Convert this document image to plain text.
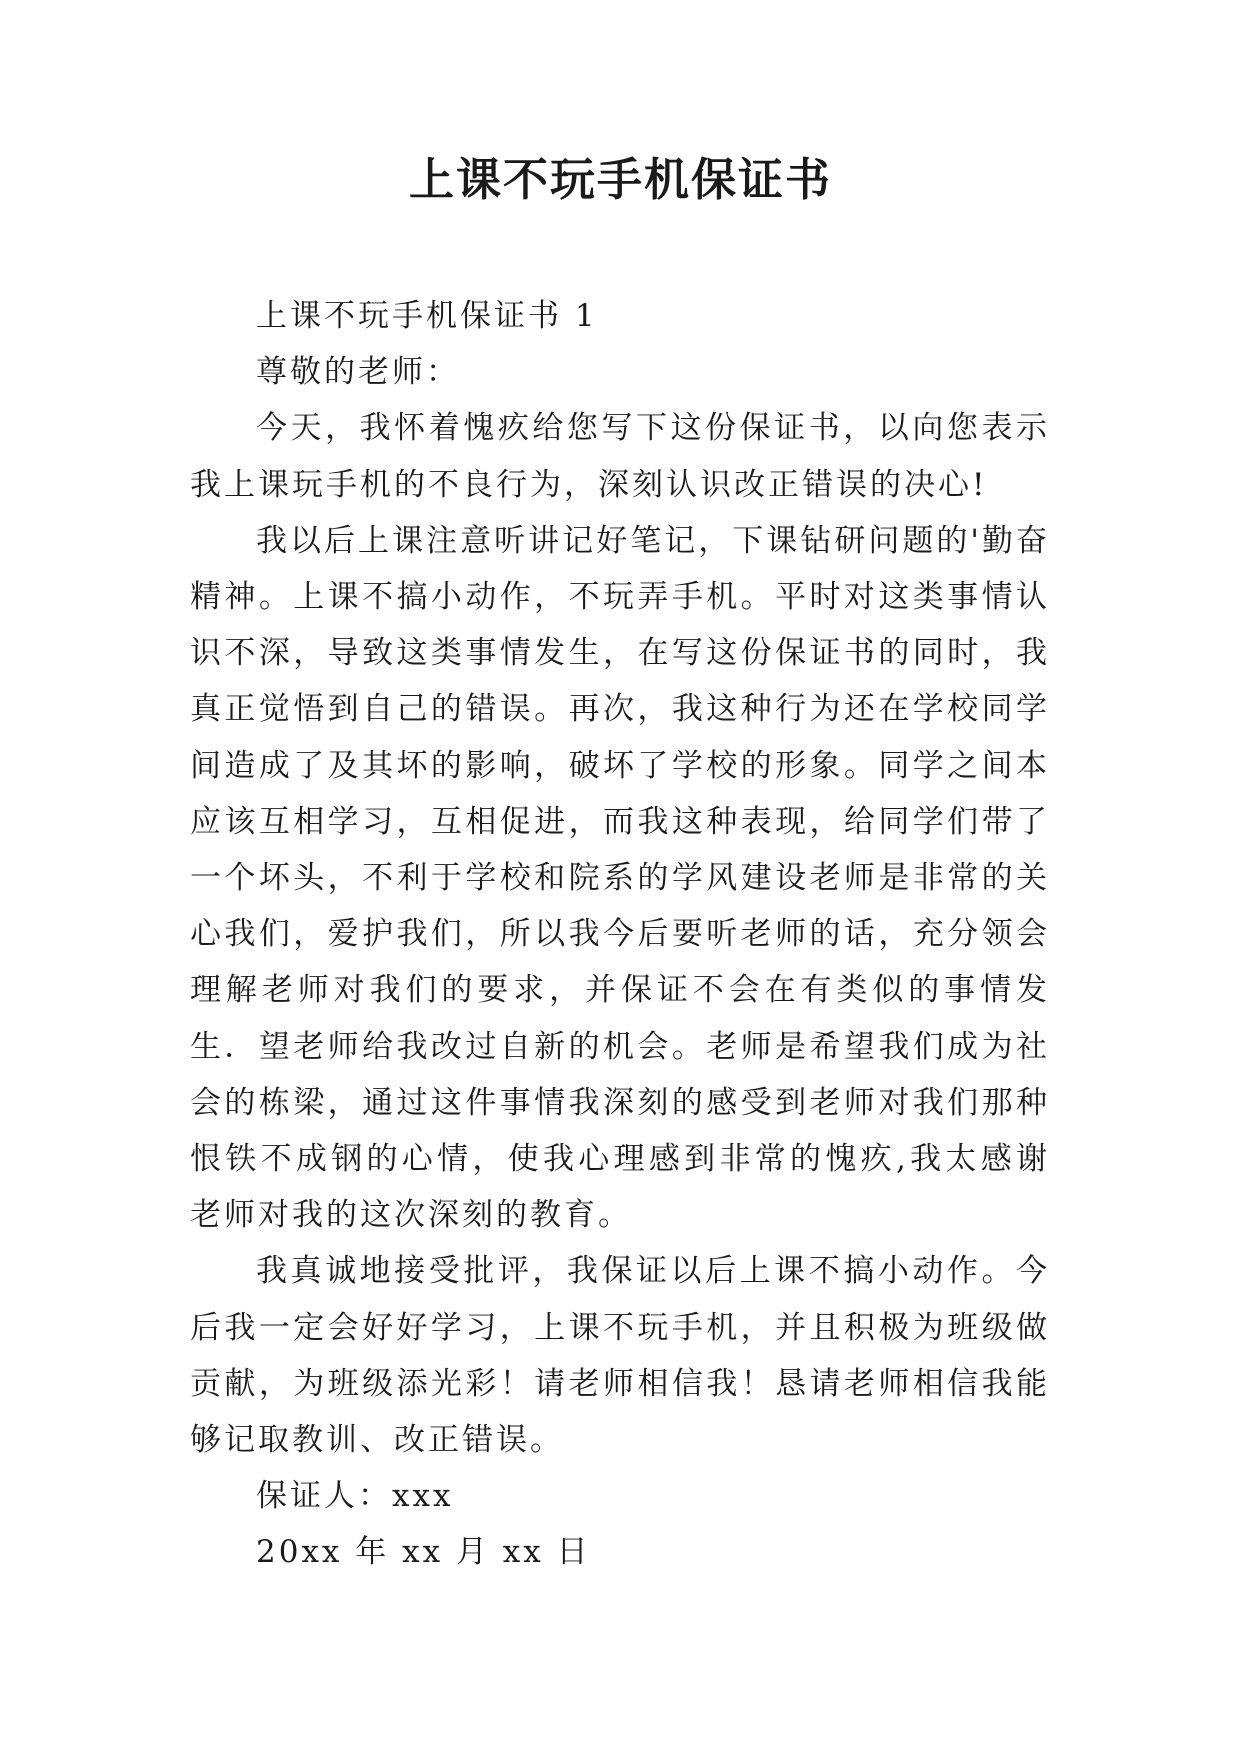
上课不玩手机保证书

上课不玩手机保证书 1

尊敬的老师：

今天，我怀着愧疚给您写下这份保证书，以向您表示我上课玩手机的不良行为，深刻认识改正错误的决心!

我以后上课注意听讲记好笔记，下课钻研问题的'勤奋精神。上课不搞小动作，不玩弄手机。平时对这类事情认识不深，导致这类事情发生，在写这份保证书的同时，我真正觉悟到自己的错误。再次，我这种行为还在学校同学间造成了及其坏的影响，破坏了学校的形象。同学之间本应该互相学习，互相促进，而我这种表现，给同学们带了一个坏头，不利于学校和院系的学风建设老师是非常的关心我们，爱护我们，所以我今后要听老师的话，充分领会理解老师对我们的要求，并保证不会在有类似的事情发生．望老师给我改过自新的机会。老师是希望我们成为社会的栋梁，通过这件事情我深刻的感受到老师对我们那种恨铁不成钢的心情，使我心理感到非常的愧疚,我太感谢老师对我的这次深刻的教育。

我真诚地接受批评，我保证以后上课不搞小动作。今后我一定会好好学习，上课不玩手机，并且积极为班级做贡献，为班级添光彩！请老师相信我！恳请老师相信我能够记取教训、改正错误。

保证人：xxx

20xx 年 xx 月 xx 日
